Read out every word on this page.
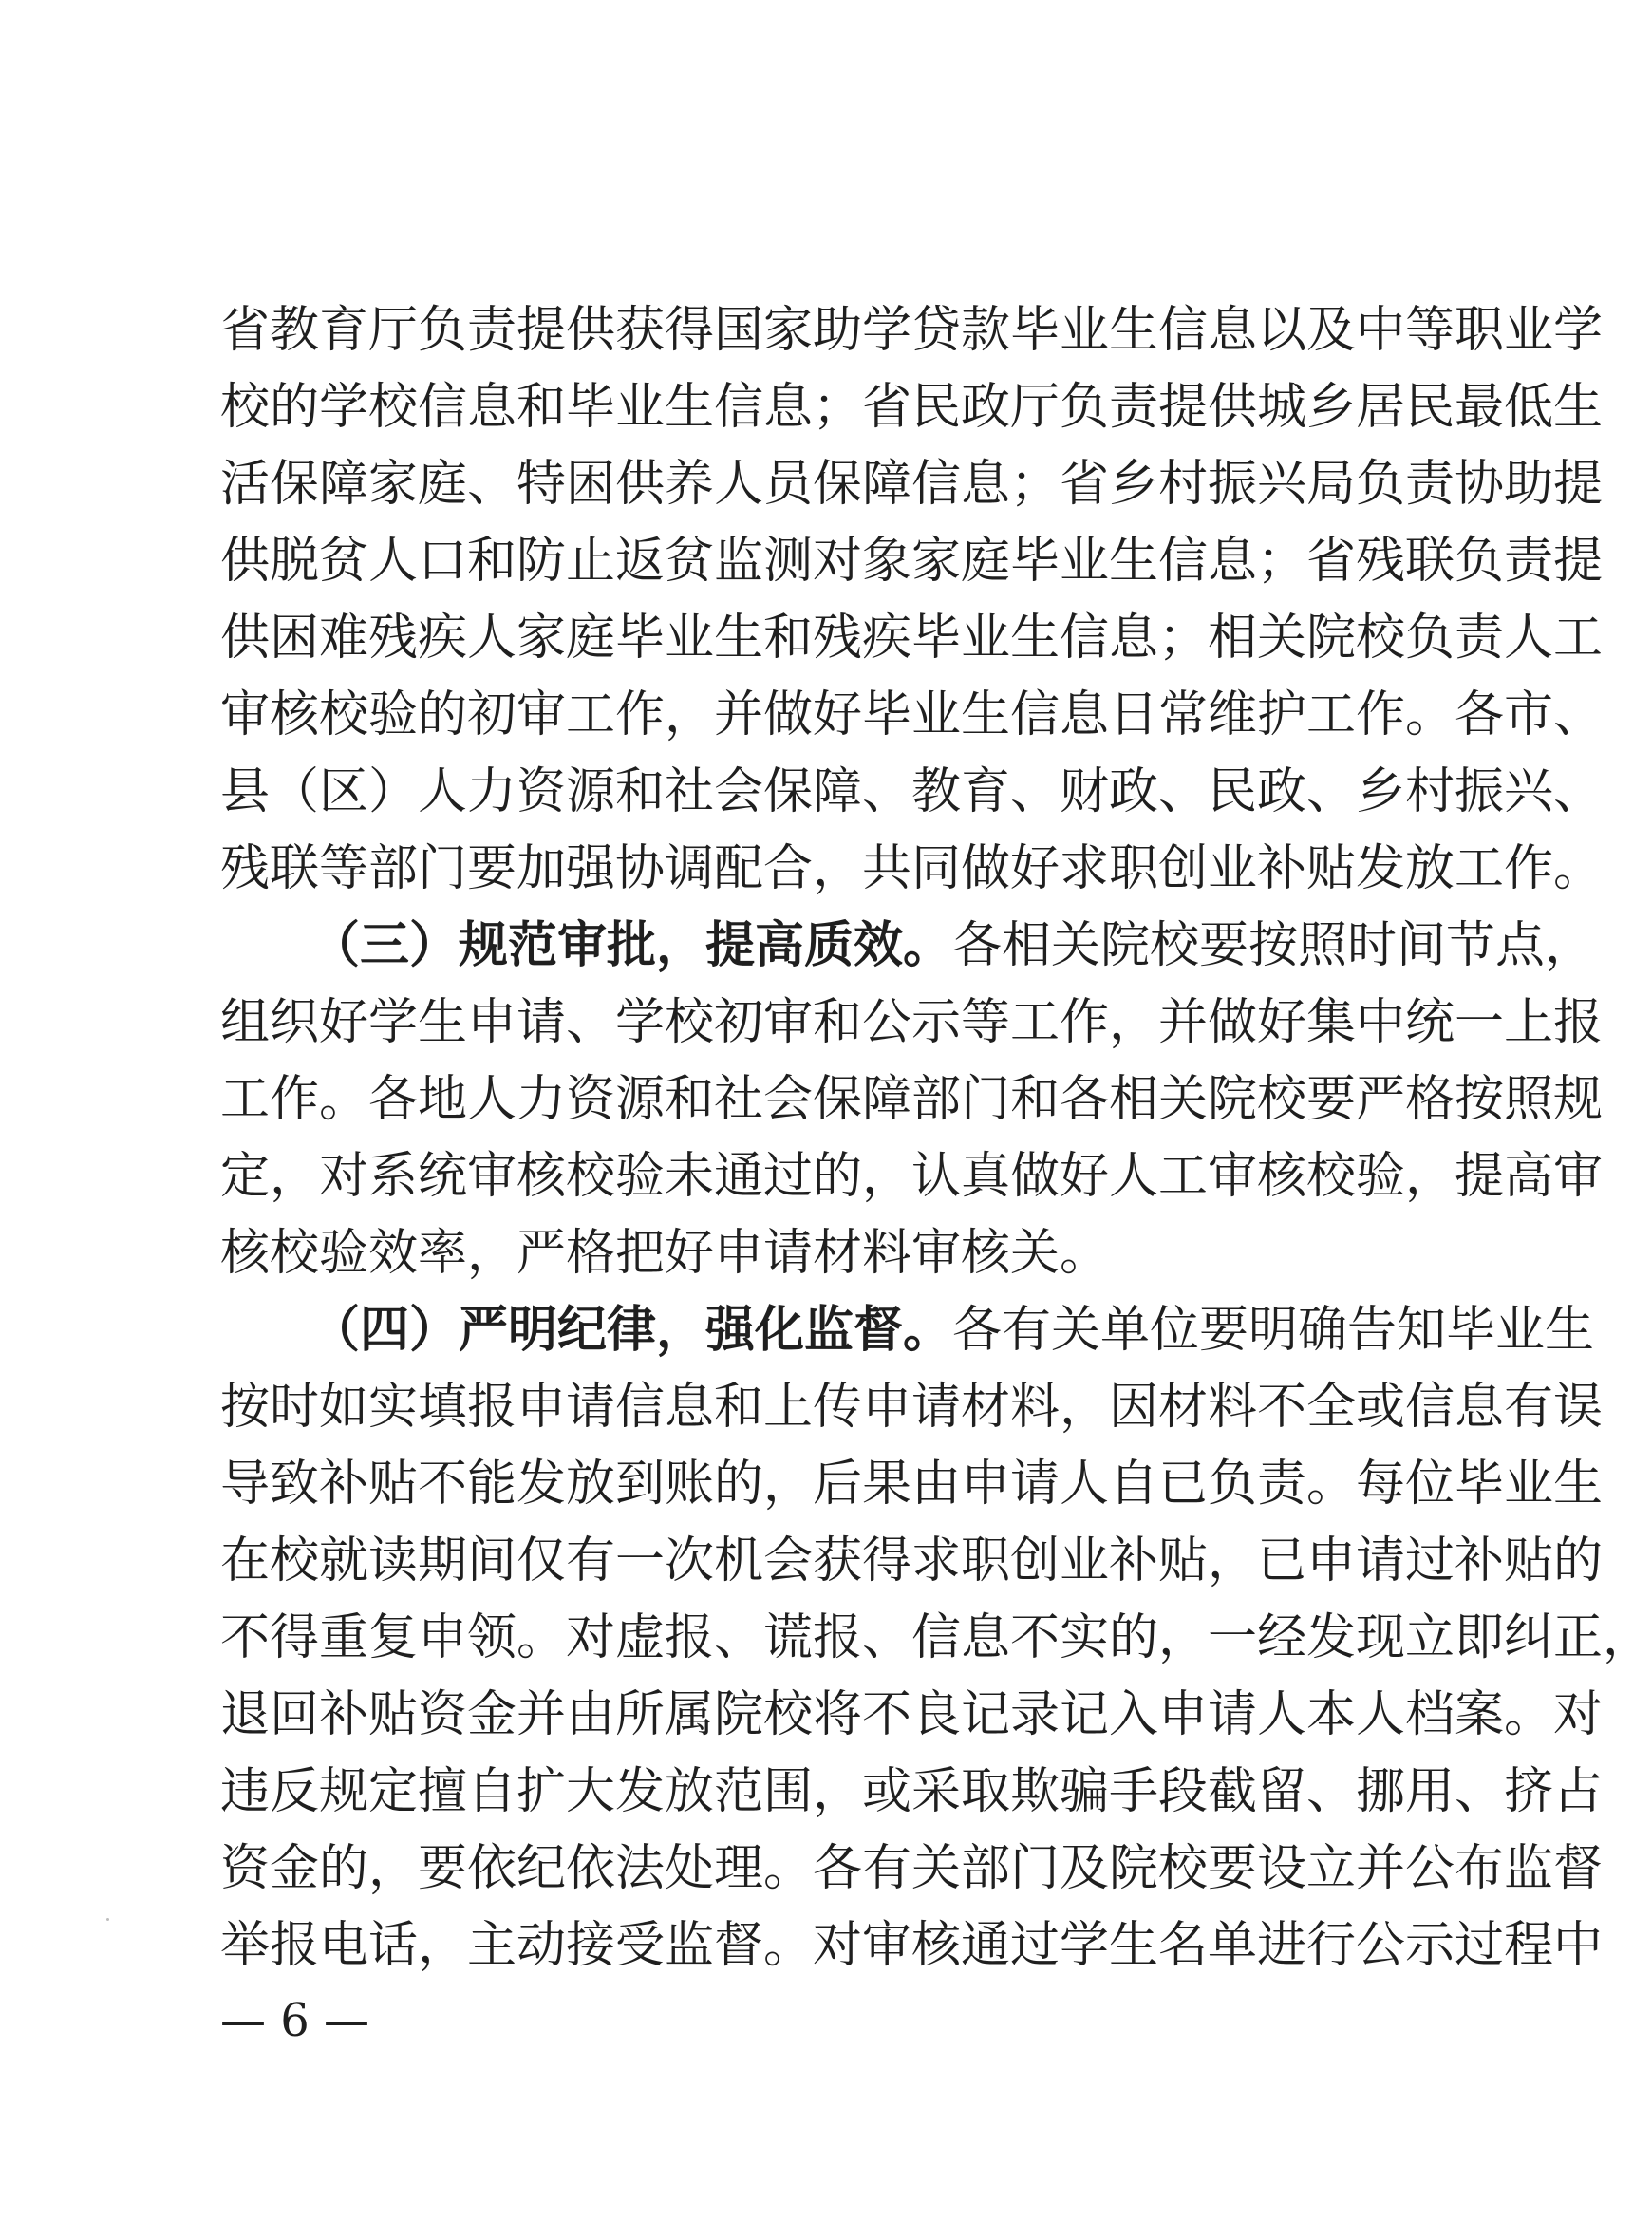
省教育厅负责提供获得国家助学贷款毕业生信息以及中等职业学
校的学校信息和毕业生信息；省民政厅负责提供城乡居民最低生
活保障家庭、特困供养人员保障信息；省乡村振兴局负责协助提
供脱贫人口和防止返贫监测对象家庭毕业生信息；省残联负责提
供困难残疾人家庭毕业生和残疾毕业生信息；相关院校负责人工
审核校验的初审工作，并做好毕业生信息日常维护工作。各市、
县（区）人力资源和社会保障、教育、财政、民政、乡村振兴、
残联等部门要加强协调配合，共同做好求职创业补贴发放工作。
（三）规范审批，提高质效。各相关院校要按照时间节点，
组织好学生申请、学校初审和公示等工作，并做好集中统一上报
工作。各地人力资源和社会保障部门和各相关院校要严格按照规
定，对系统审核校验未通过的，认真做好人工审核校验，提高审
核校验效率，严格把好申请材料审核关。
（四）严明纪律，强化监督。各有关单位要明确告知毕业生
按时如实填报申请信息和上传申请材料，因材料不全或信息有误
导致补贴不能发放到账的，后果由申请人自已负责。每位毕业生
在校就读期间仅有一次机会获得求职创业补贴，已申请过补贴的
不得重复申领。对虚报、谎报、信息不实的，一经发现立即纠正，
退回补贴资金并由所属院校将不良记录记入申请人本人档案。对
违反规定擅自扩大发放范围，或采取欺骗手段截留、挪用、挤占
资金的，要依纪依法处理。各有关部门及院校要设立并公布监督
举报电话，主动接受监督。对审核通过学生名单进行公示过程中
— 6 —
